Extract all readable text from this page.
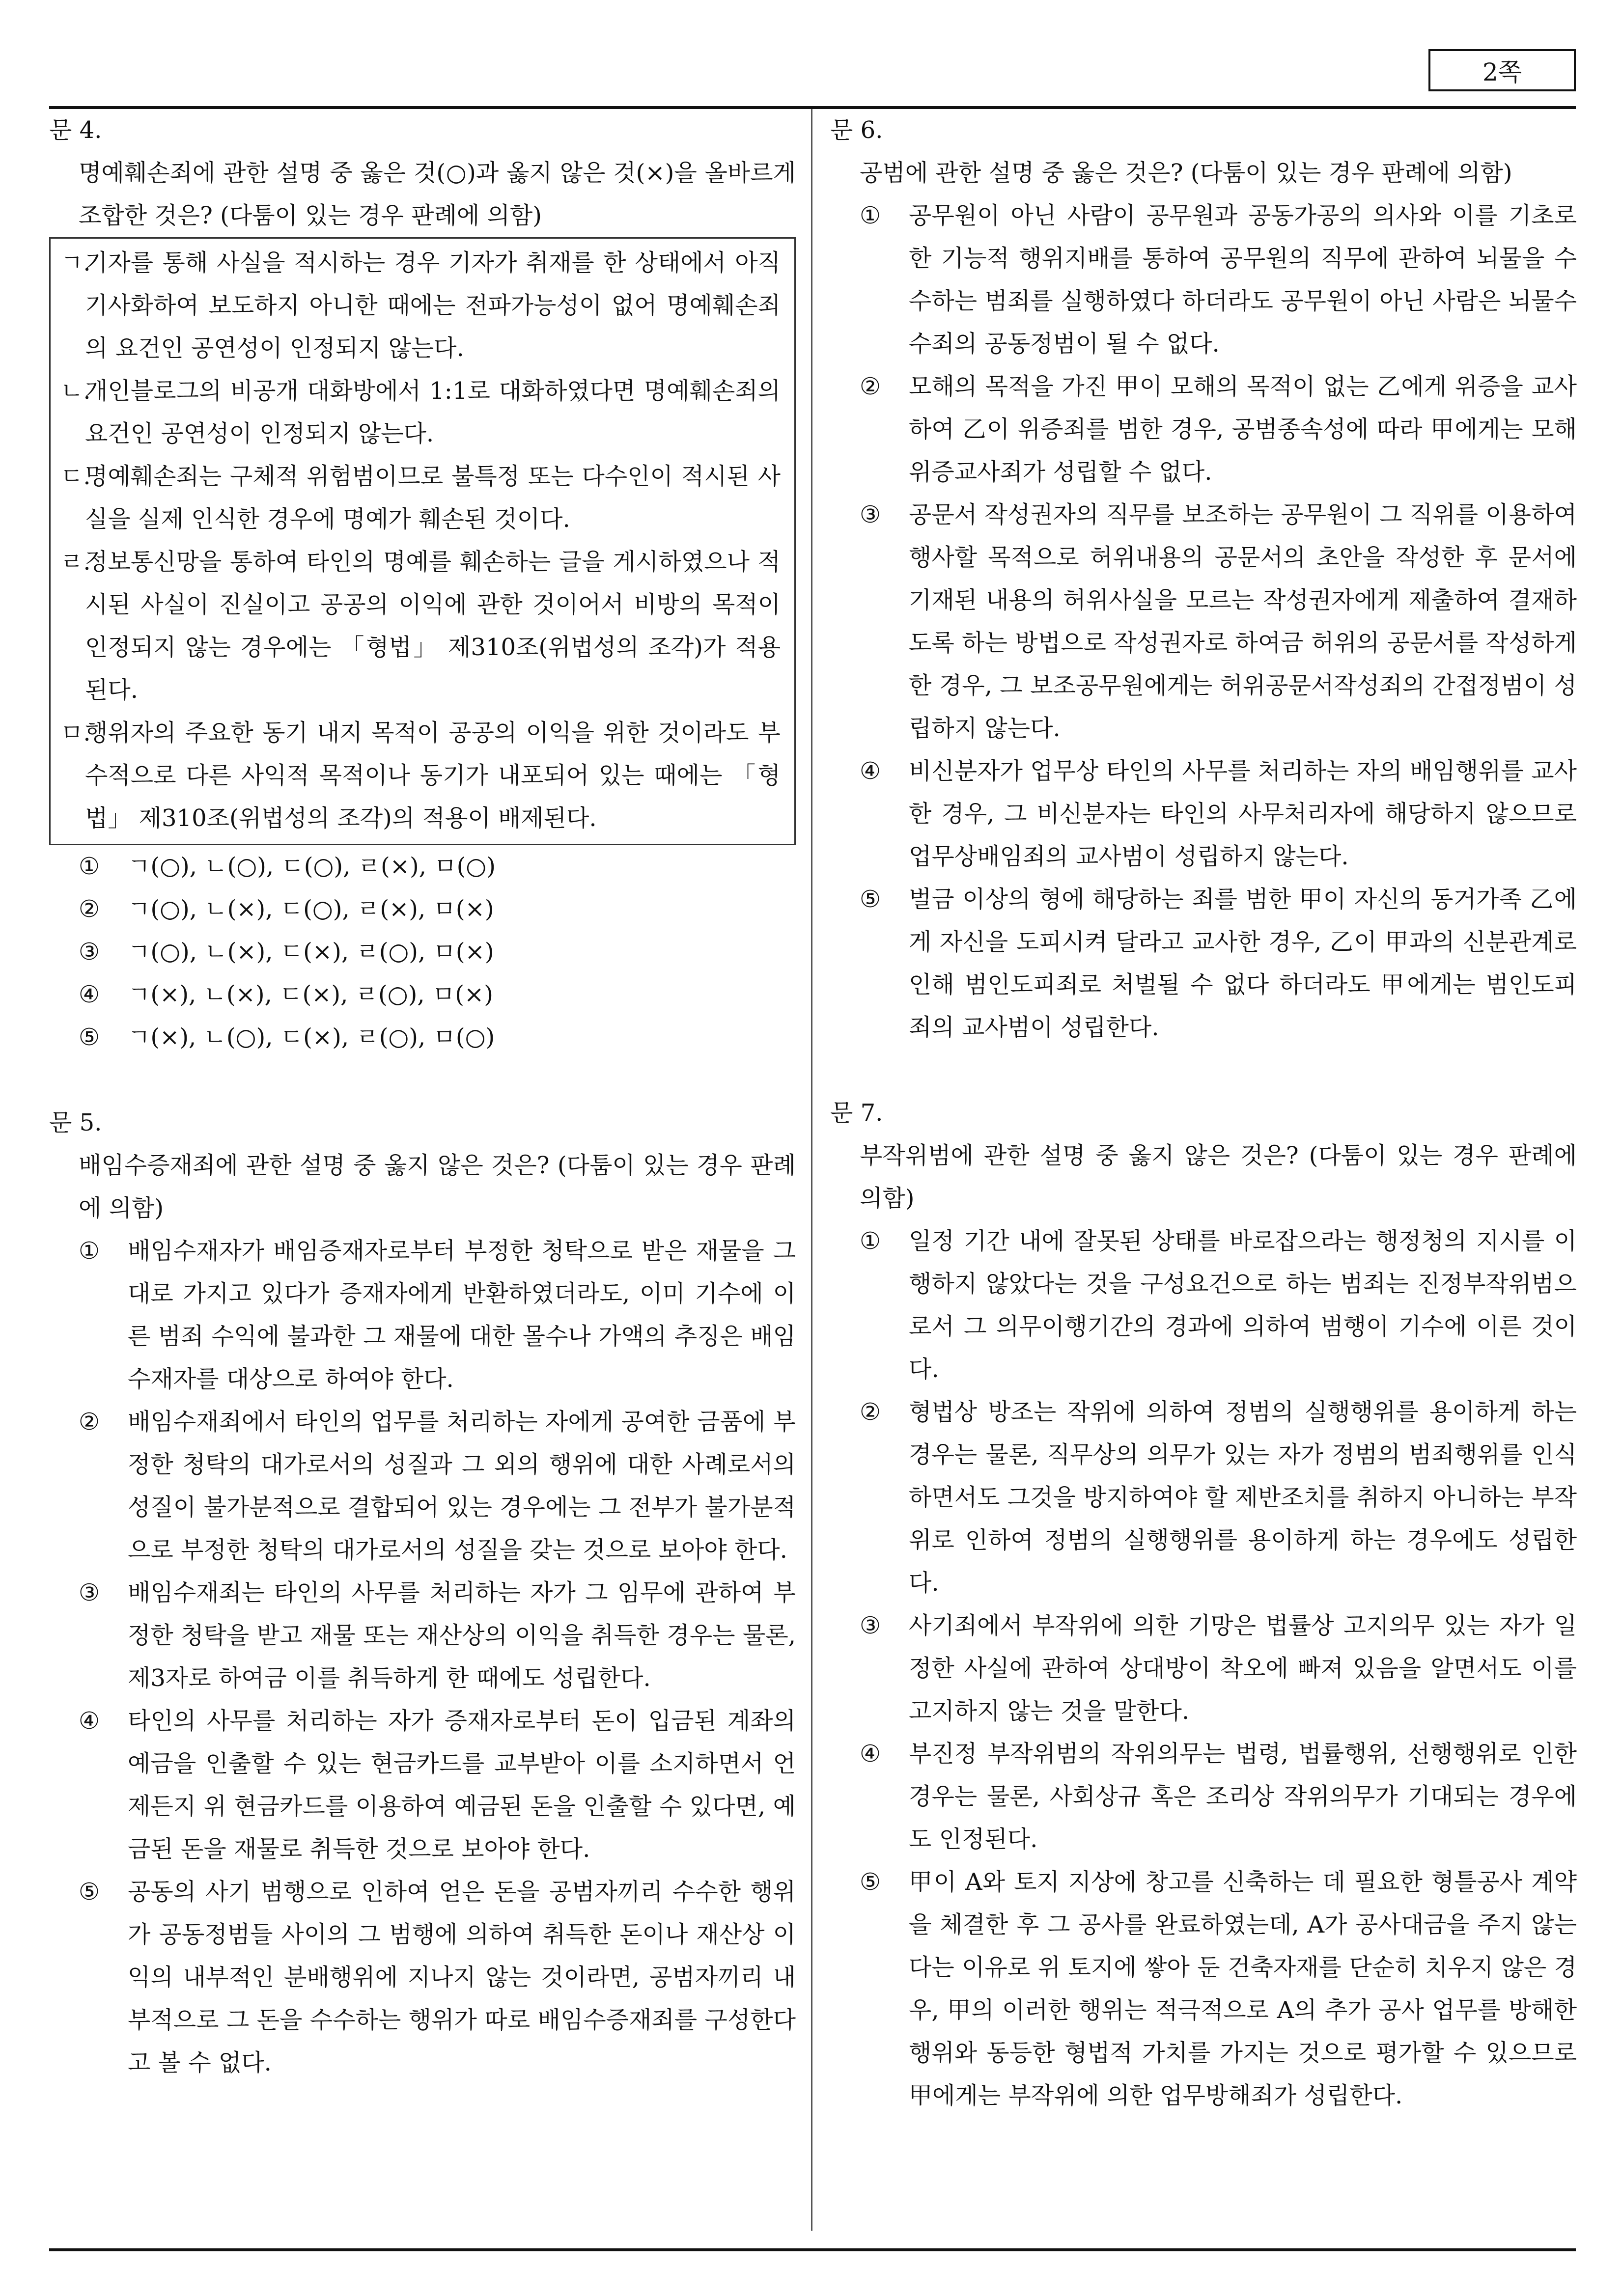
2쪽

문 4.

명예훼손죄에 관한 설명 중 옳은 것(○)과 옳지 않은 것(×)을 올바르게 조합한 것은? (다툼이 있는 경우 판례에 의함)

ㄱ.
기자를 통해 사실을 적시하는 경우 기자가 취재를 한 상태에서 아직 기사화하여 보도하지 아니한 때에는 전파가능성이 없어 명예훼손죄의 요건인 공연성이 인정되지 않는다.
ㄴ.
개인블로그의 비공개 대화방에서 1:1로 대화하였다면 명예훼손죄의 요건인 공연성이 인정되지 않는다.
ㄷ.
명예훼손죄는 구체적 위험범이므로 불특정 또는 다수인이 적시된 사실을 실제 인식한 경우에 명예가 훼손된 것이다.
ㄹ.
정보통신망을 통하여 타인의 명예를 훼손하는 글을 게시하였으나 적시된 사실이 진실이고 공공의 이익에 관한 것이어서 비방의 목적이 인정되지 않는 경우에는 「형법」 제310조(위법성의 조각)가 적용된다.
ㅁ.
행위자의 주요한 동기 내지 목적이 공공의 이익을 위한 것이라도 부수적으로 다른 사익적 목적이나 동기가 내포되어 있는 때에는 「형법」 제310조(위법성의 조각)의 적용이 배제된다.
①	ㄱ(○), ㄴ(○), ㄷ(○), ㄹ(×), ㅁ(○)
②	ㄱ(○), ㄴ(×), ㄷ(○), ㄹ(×), ㅁ(×)
③	ㄱ(○), ㄴ(×), ㄷ(×), ㄹ(○), ㅁ(×)
④	ㄱ(×), ㄴ(×), ㄷ(×), ㄹ(○), ㅁ(×)
⑤	ㄱ(×), ㄴ(○), ㄷ(×), ㄹ(○), ㅁ(○)

문 5.

배임수증재죄에 관한 설명 중 옳지 않은 것은? (다툼이 있는 경우 판례에 의함)

①	배임수재자가 배임증재자로부터 부정한 청탁으로 받은 재물을 그대로 가지고 있다가 증재자에게 반환하였더라도, 이미 기수에 이른 범죄 수익에 불과한 그 재물에 대한 몰수나 가액의 추징은 배임수재자를 대상으로 하여야 한다.
②	배임수재죄에서 타인의 업무를 처리하는 자에게 공여한 금품에 부정한 청탁의 대가로서의 성질과 그 외의 행위에 대한 사례로서의 성질이 불가분적으로 결합되어 있는 경우에는 그 전부가 불가분적으로 부정한 청탁의 대가로서의 성질을 갖는 것으로 보아야 한다.
③	배임수재죄는 타인의 사무를 처리하는 자가 그 임무에 관하여 부정한 청탁을 받고 재물 또는 재산상의 이익을 취득한 경우는 물론, 제3자로 하여금 이를 취득하게 한 때에도 성립한다.
④	타인의 사무를 처리하는 자가 증재자로부터 돈이 입금된 계좌의 예금을 인출할 수 있는 현금카드를 교부받아 이를 소지하면서 언제든지 위 현금카드를 이용하여 예금된 돈을 인출할 수 있다면, 예금된 돈을 재물로 취득한 것으로 보아야 한다.
⑤	공동의 사기 범행으로 인하여 얻은 돈을 공범자끼리 수수한 행위가 공동정범들 사이의 그 범행에 의하여 취득한 돈이나 재산상 이익의 내부적인 분배행위에 지나지 않는 것이라면, 공범자끼리 내부적으로 그 돈을 수수하는 행위가 따로 배임수증재죄를 구성한다고 볼 수 없다.

문 6.

공범에 관한 설명 중 옳은 것은? (다툼이 있는 경우 판례에 의함)

①	공무원이 아닌 사람이 공무원과 공동가공의 의사와 이를 기초로 한 기능적 행위지배를 통하여 공무원의 직무에 관하여 뇌물을 수수하는 범죄를 실행하였다 하더라도 공무원이 아닌 사람은 뇌물수수죄의 공동정범이 될 수 없다.
②	모해의 목적을 가진 甲이 모해의 목적이 없는 乙에게 위증을 교사하여 乙이 위증죄를 범한 경우, 공범종속성에 따라 甲에게는 모해위증교사죄가 성립할 수 없다.
③	공문서 작성권자의 직무를 보조하는 공무원이 그 직위를 이용하여 행사할 목적으로 허위내용의 공문서의 초안을 작성한 후 문서에 기재된 내용의 허위사실을 모르는 작성권자에게 제출하여 결재하도록 하는 방법으로 작성권자로 하여금 허위의 공문서를 작성하게 한 경우, 그 보조공무원에게는 허위공문서작성죄의 간접정범이 성립하지 않는다.
④	비신분자가 업무상 타인의 사무를 처리하는 자의 배임행위를 교사한 경우, 그 비신분자는 타인의 사무처리자에 해당하지 않으므로 업무상배임죄의 교사범이 성립하지 않는다.
⑤	벌금 이상의 형에 해당하는 죄를 범한 甲이 자신의 동거가족 乙에게 자신을 도피시켜 달라고 교사한 경우, 乙이 甲과의 신분관계로 인해 범인도피죄로 처벌될 수 없다 하더라도 甲에게는 범인도피죄의 교사범이 성립한다.

문 7.

부작위범에 관한 설명 중 옳지 않은 것은? (다툼이 있는 경우 판례에 의함)

①	일정 기간 내에 잘못된 상태를 바로잡으라는 행정청의 지시를 이행하지 않았다는 것을 구성요건으로 하는 범죄는 진정부작위범으로서 그 의무이행기간의 경과에 의하여 범행이 기수에 이른 것이다.
②	형법상 방조는 작위에 의하여 정범의 실행행위를 용이하게 하는 경우는 물론, 직무상의 의무가 있는 자가 정범의 범죄행위를 인식하면서도 그것을 방지하여야 할 제반조치를 취하지 아니하는 부작위로 인하여 정범의 실행행위를 용이하게 하는 경우에도 성립한다.
③	사기죄에서 부작위에 의한 기망은 법률상 고지의무 있는 자가 일정한 사실에 관하여 상대방이 착오에 빠져 있음을 알면서도 이를 고지하지 않는 것을 말한다.
④	부진정 부작위범의 작위의무는 법령, 법률행위, 선행행위로 인한 경우는 물론, 사회상규 혹은 조리상 작위의무가 기대되는 경우에도 인정된다.
⑤	甲이 A와 토지 지상에 창고를 신축하는 데 필요한 형틀공사 계약을 체결한 후 그 공사를 완료하였는데, A가 공사대금을 주지 않는다는 이유로 위 토지에 쌓아 둔 건축자재를 단순히 치우지 않은 경우, 甲의 이러한 행위는 적극적으로 A의 추가 공사 업무를 방해한 행위와 동등한 형법적 가치를 가지는 것으로 평가할 수 있으므로 甲에게는 부작위에 의한 업무방해죄가 성립한다.
